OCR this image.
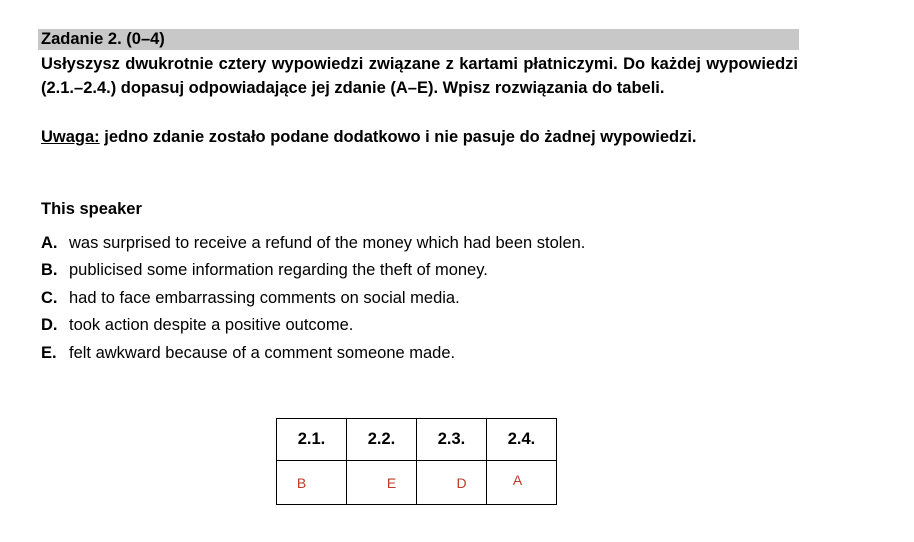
Zadanie 2. (0–4)
Usłyszysz dwukrotnie cztery wypowiedzi związane z kartami płatniczymi. Do każdej wypowiedzi (2.1.–2.4.) dopasuj odpowiadające jej zdanie (A–E). Wpisz rozwiązania do tabeli.
Uwaga: jedno zdanie zostało podane dodatkowo i nie pasuje do żadnej wypowiedzi.
This speaker
A. was surprised to receive a refund of the money which had been stolen.
B. publicised some information regarding the theft of money.
C. had to face embarrassing comments on social media.
D. took action despite a positive outcome.
E. felt awkward because of a comment someone made.
2.1.	2.2.	2.3.	2.4.
B	E	D	A
